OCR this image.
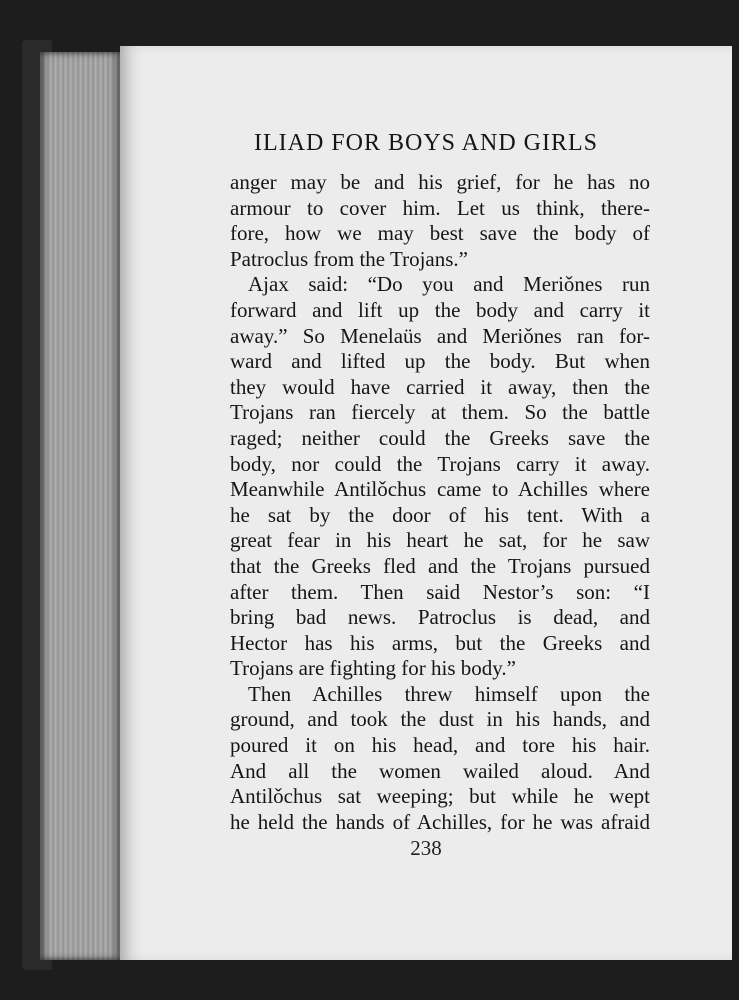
ILIAD FOR BOYS AND GIRLS
anger may be and his grief, for he has no
armour to cover him. Let us think, there-
fore, how we may best save the body of
Patroclus from the Trojans.”
Ajax said: “Do you and Meriǒnes run
forward and lift up the body and carry it
away.” So Menelaüs and Meriǒnes ran for-
ward and lifted up the body. But when
they would have carried it away, then the
Trojans ran fiercely at them. So the battle
raged; neither could the Greeks save the
body, nor could the Trojans carry it away.
Meanwhile Antilǒchus came to Achilles where
he sat by the door of his tent. With a
great fear in his heart he sat, for he saw
that the Greeks fled and the Trojans pursued
after them. Then said Nestor’s son: “I
bring bad news. Patroclus is dead, and
Hector has his arms, but the Greeks and
Trojans are fighting for his body.”
Then Achilles threw himself upon the
ground, and took the dust in his hands, and
poured it on his head, and tore his hair.
And all the women wailed aloud. And
Antilǒchus sat weeping; but while he wept
he held the hands of Achilles, for he was afraid
238
